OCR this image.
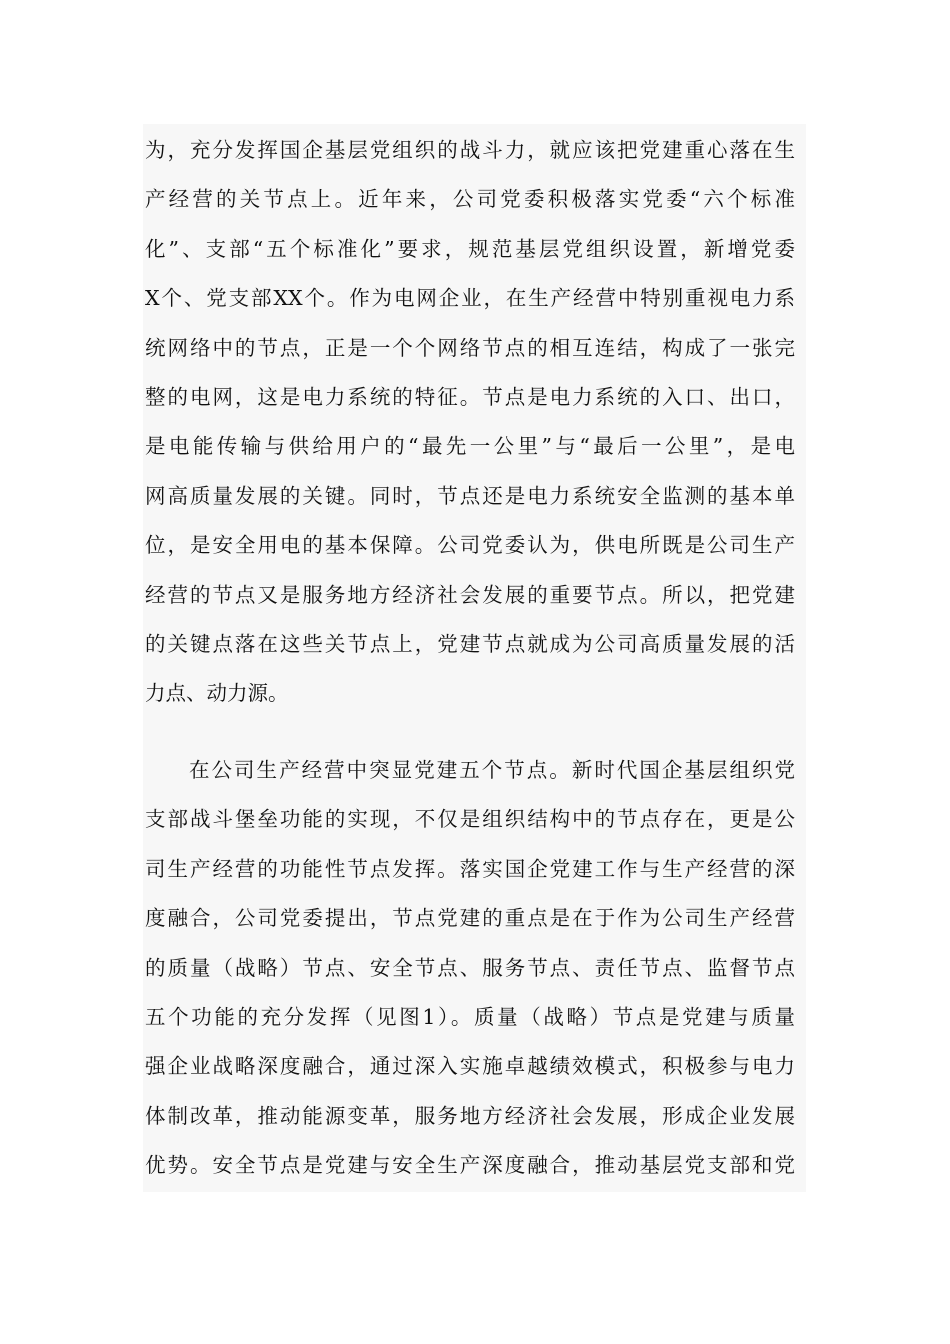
为，充分发挥国企基层党组织的战斗力，就应该把党建重心落在生
产经营的关节点上。近年来，公司党委积极落实党委“六个标准
化”、支部“五个标准化”要求，规范基层党组织设置，新增党委
X个、党支部XX个。作为电网企业，在生产经营中特别重视电力系
统网络中的节点，正是一个个网络节点的相互连结，构成了一张完
整的电网，这是电力系统的特征。节点是电力系统的入口、出口，
是电能传输与供给用户的“最先一公里”与“最后一公里”，是电
网高质量发展的关键。同时，节点还是电力系统安全监测的基本单
位，是安全用电的基本保障。公司党委认为，供电所既是公司生产
经营的节点又是服务地方经济社会发展的重要节点。所以，把党建
的关键点落在这些关节点上，党建节点就成为公司高质量发展的活
力点、动力源。
在公司生产经营中突显党建五个节点。新时代国企基层组织党
支部战斗堡垒功能的实现，不仅是组织结构中的节点存在，更是公
司生产经营的功能性节点发挥。落实国企党建工作与生产经营的深
度融合，公司党委提出，节点党建的重点是在于作为公司生产经营
的质量（战略）节点、安全节点、服务节点、责任节点、监督节点
五个功能的充分发挥（见图1）。质量（战略）节点是党建与质量
强企业战略深度融合，通过深入实施卓越绩效模式，积极参与电力
体制改革，推动能源变革，服务地方经济社会发展，形成企业发展
优势。安全节点是党建与安全生产深度融合，推动基层党支部和党
